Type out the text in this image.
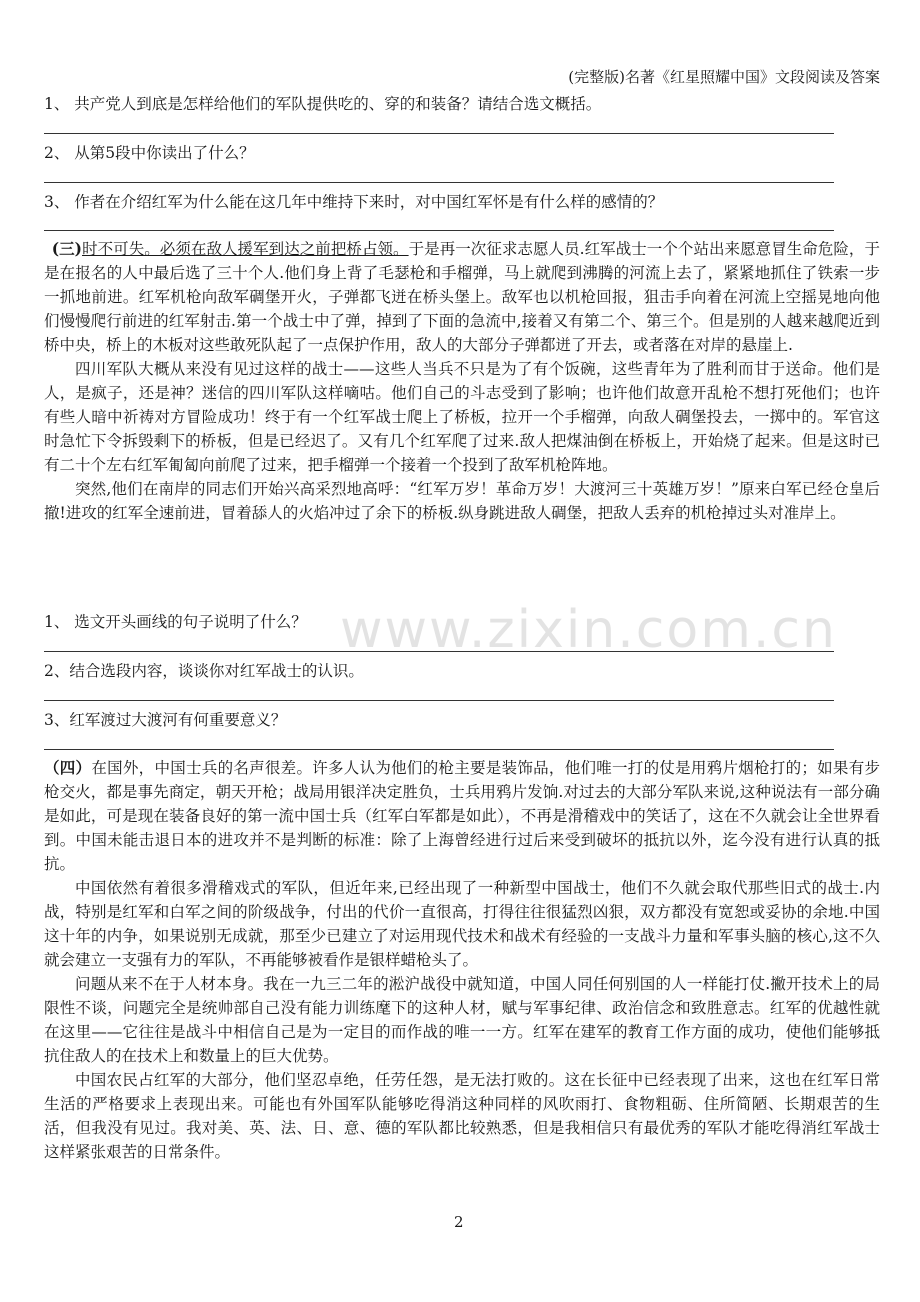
(完整版)名著《红星照耀中国》文段阅读及答案
1、 共产党人到底是怎样给他们的军队提供吃的、穿的和装备？请结合选文概括。
2、 从第5段中你读出了什么？
3、 作者在介绍红军为什么能在这几年中维持下来时，对中国红军怀是有什么样的感情的？

(三)时不可失。必须在敌人援军到达之前把桥占领。于是再一次征求志愿人员.红军战士一个个站出来愿意冒生命危险，于是在报名的人中最后选了三十个人.他们身上背了毛瑟枪和手榴弹，马上就爬到沸腾的河流上去了，紧紧地抓住了铁索一步一抓地前进。红军机枪向敌军碉堡开火，子弹都飞迸在桥头堡上。敌军也以机枪回报，狙击手向着在河流上空摇晃地向他们慢慢爬行前进的红军射击.第一个战士中了弹，掉到了下面的急流中,接着又有第二个、第三个。但是别的人越来越爬近到桥中央，桥上的木板对这些敢死队起了一点保护作用，敌人的大部分子弹都迸了开去，或者落在对岸的悬崖上.

四川军队大概从来没有见过这样的战士——这些人当兵不只是为了有个饭碗，这些青年为了胜利而甘于送命。他们是人，是疯子，还是神？迷信的四川军队这样嘀咕。他们自己的斗志受到了影响；也许他们故意开乱枪不想打死他们；也许有些人暗中祈祷对方冒险成功！终于有一个红军战士爬上了桥板，拉开一个手榴弹，向敌人碉堡投去，一掷中的。军官这时急忙下令拆毁剩下的桥板，但是已经迟了。又有几个红军爬了过来.敌人把煤油倒在桥板上，开始烧了起来。但是这时已有二十个左右红军匍匐向前爬了过来，把手榴弹一个接着一个投到了敌军机枪阵地。

突然,他们在南岸的同志们开始兴高采烈地高呼：“红军万岁！革命万岁！大渡河三十英雄万岁！”原来白军已经仓皇后撤!进攻的红军全速前进，冒着舔人的火焰冲过了余下的桥板.纵身跳进敌人碉堡，把敌人丢弃的机枪掉过头对准岸上。

1、 选文开头画线的句子说明了什么？
2、结合选段内容，谈谈你对红军战士的认识。
3、红军渡过大渡河有何重要意义？

（四）在国外，中国士兵的名声很差。许多人认为他们的枪主要是装饰品，他们唯一打的仗是用鸦片烟枪打的；如果有步枪交火，都是事先商定，朝天开枪；战局用银洋决定胜负，士兵用鸦片发饷.对过去的大部分军队来说,这种说法有一部分确是如此，可是现在装备良好的第一流中国士兵（红军白军都是如此），不再是滑稽戏中的笑话了，这在不久就会让全世界看到。中国未能击退日本的进攻并不是判断的标准：除了上海曾经进行过后来受到破坏的抵抗以外，迄今没有进行认真的抵抗。

中国依然有着很多滑稽戏式的军队，但近年来,已经出现了一种新型中国战士，他们不久就会取代那些旧式的战士.内战，特别是红军和白军之间的阶级战争，付出的代价一直很高，打得往往很猛烈凶狠，双方都没有宽恕或妥协的余地.中国这十年的内争，如果说别无成就，那至少已建立了对运用现代技术和战术有经验的一支战斗力量和军事头脑的核心,这不久就会建立一支强有力的军队，不再能够被看作是银样蜡枪头了。

问题从来不在于人材本身。我在一九三二年的淞沪战役中就知道，中国人同任何别国的人一样能打仗.撇开技术上的局限性不谈，问题完全是统帅部自己没有能力训练麾下的这种人材，赋与军事纪律、政治信念和致胜意志。红军的优越性就在这里——它往往是战斗中相信自己是为一定目的而作战的唯一一方。红军在建军的教育工作方面的成功，使他们能够抵抗住敌人的在技术上和数量上的巨大优势。

中国农民占红军的大部分，他们坚忍卓绝，任劳任怨，是无法打败的。这在长征中已经表现了出来，这也在红军日常生活的严格要求上表现出来。可能也有外国军队能够吃得消这种同样的风吹雨打、食物粗砺、住所简陋、长期艰苦的生活，但我没有见过。我对美、英、法、日、意、德的军队都比较熟悉，但是我相信只有最优秀的军队才能吃得消红军战士这样紧张艰苦的日常条件。

www.zixin.com.cn
2
